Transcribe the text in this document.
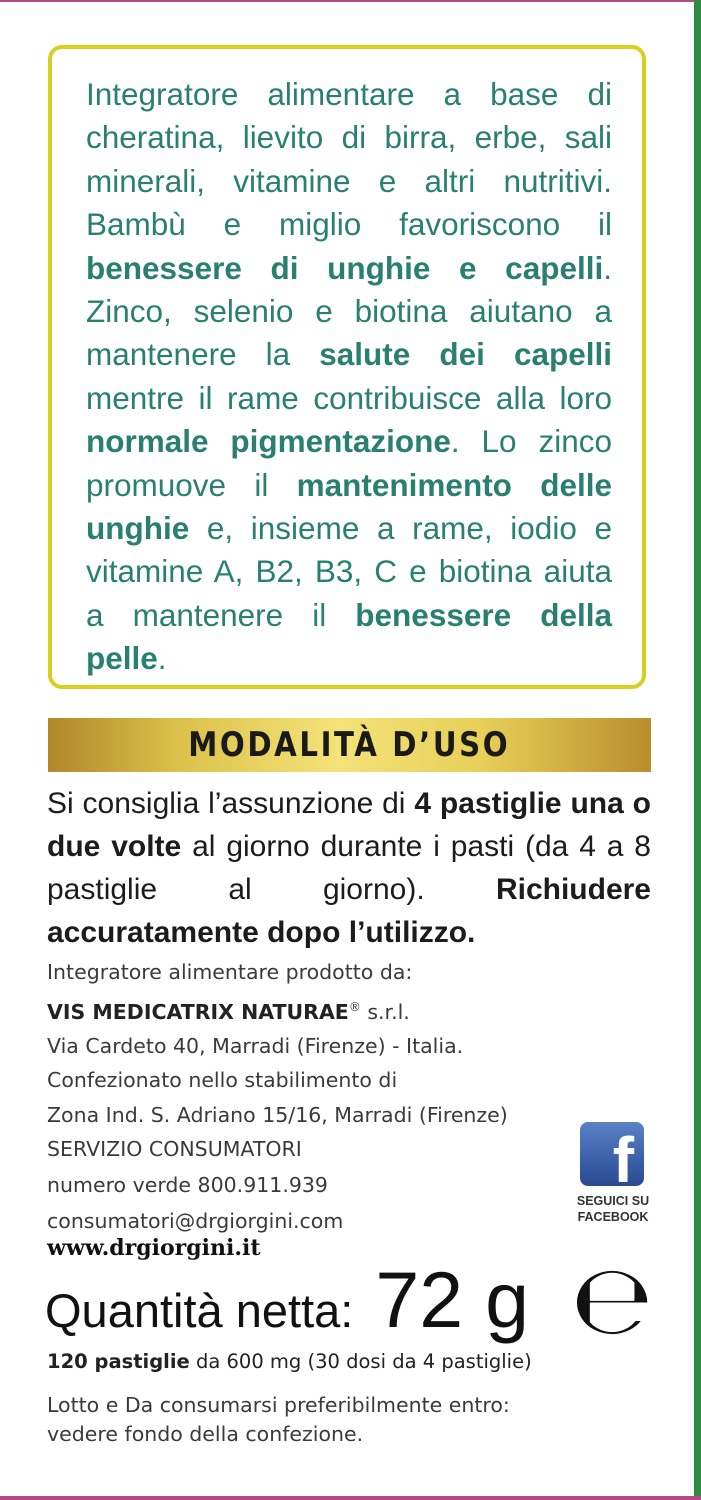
Integratore alimentare a base di cheratina, lievito di birra, erbe, sali minerali, vitamine e altri nutritivi. Bambù e miglio favoriscono il benessere di unghie e capelli. Zinco, selenio e biotina aiutano a mantenere la salute dei capelli mentre il rame contribuisce alla loro normale pigmentazione. Lo zinco promuove il mantenimento delle unghie e, insieme a rame, iodio e vitamine A, B2, B3, C e biotina aiuta a mantenere il benessere della pelle.

MODALITÀ D’USO

Si consiglia l’assunzione di 4 pastiglie una o due volte al giorno durante i pasti (da 4 a 8 pastiglie al giorno). Richiudere accuratamente dopo l’utilizzo.

Integratore alimentare prodotto da:
VIS MEDICATRIX NATURAE® s.r.l.
Via Cardeto 40, Marradi (Firenze) - Italia.
Confezionato nello stabilimento di
Zona Ind. S. Adriano 15/16, Marradi (Firenze)
SERVIZIO CONSUMATORI
numero verde 800.911.939
consumatori@drgiorgini.com
www.drgiorgini.it
f
SEGUICI SU
FACEBOOK
Quantità netta: 72 g ℮
120 pastiglie da 600 mg (30 dosi da 4 pastiglie)
Lotto e Da consumarsi preferibilmente entro:
vedere fondo della confezione.
